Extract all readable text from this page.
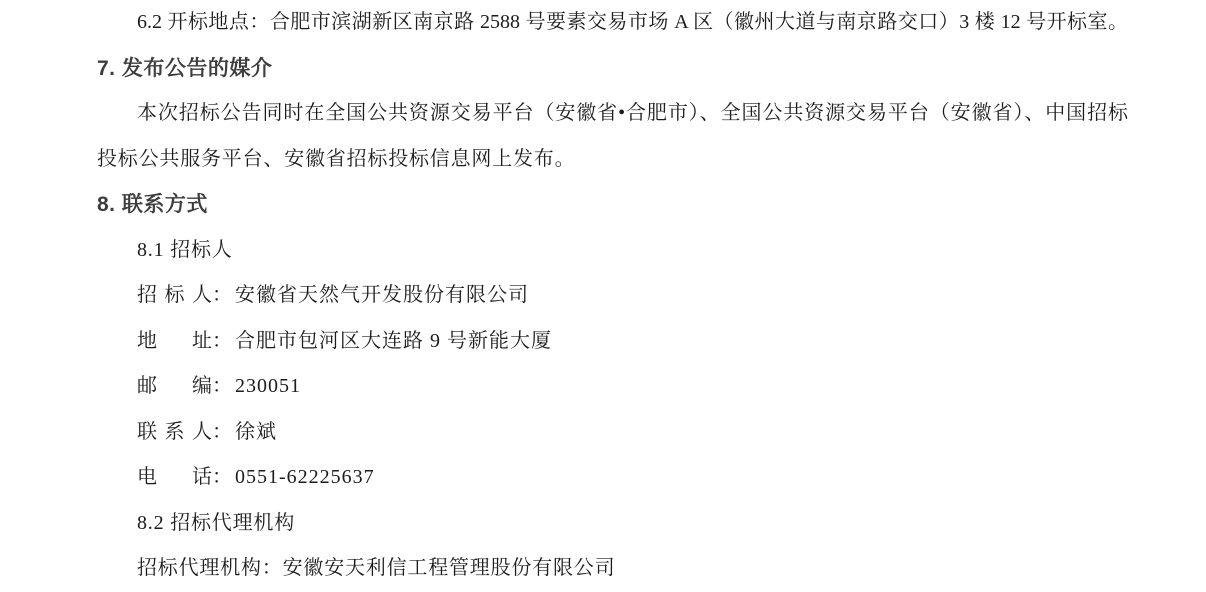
6.2 开标地点：合肥市滨湖新区南京路 2588 号要素交易市场 A 区（徽州大道与南京路交口）3 楼 12 号开标室。

7. 发布公告的媒介

本次招标公告同时在全国公共资源交易平台（安徽省•合肥市）、全国公共资源交易平台（安徽省）、中国招标

投标公共服务平台、安徽省招标投标信息网上发布。

8. 联系方式

8.1 招标人

招标人： 安徽省天然气开发股份有限公司

地址： 合肥市包河区大连路 9 号新能大厦

邮编： 230051

联系人： 徐斌

电话： 0551-62225637

8.2 招标代理机构

招标代理机构：安徽安天利信工程管理股份有限公司
